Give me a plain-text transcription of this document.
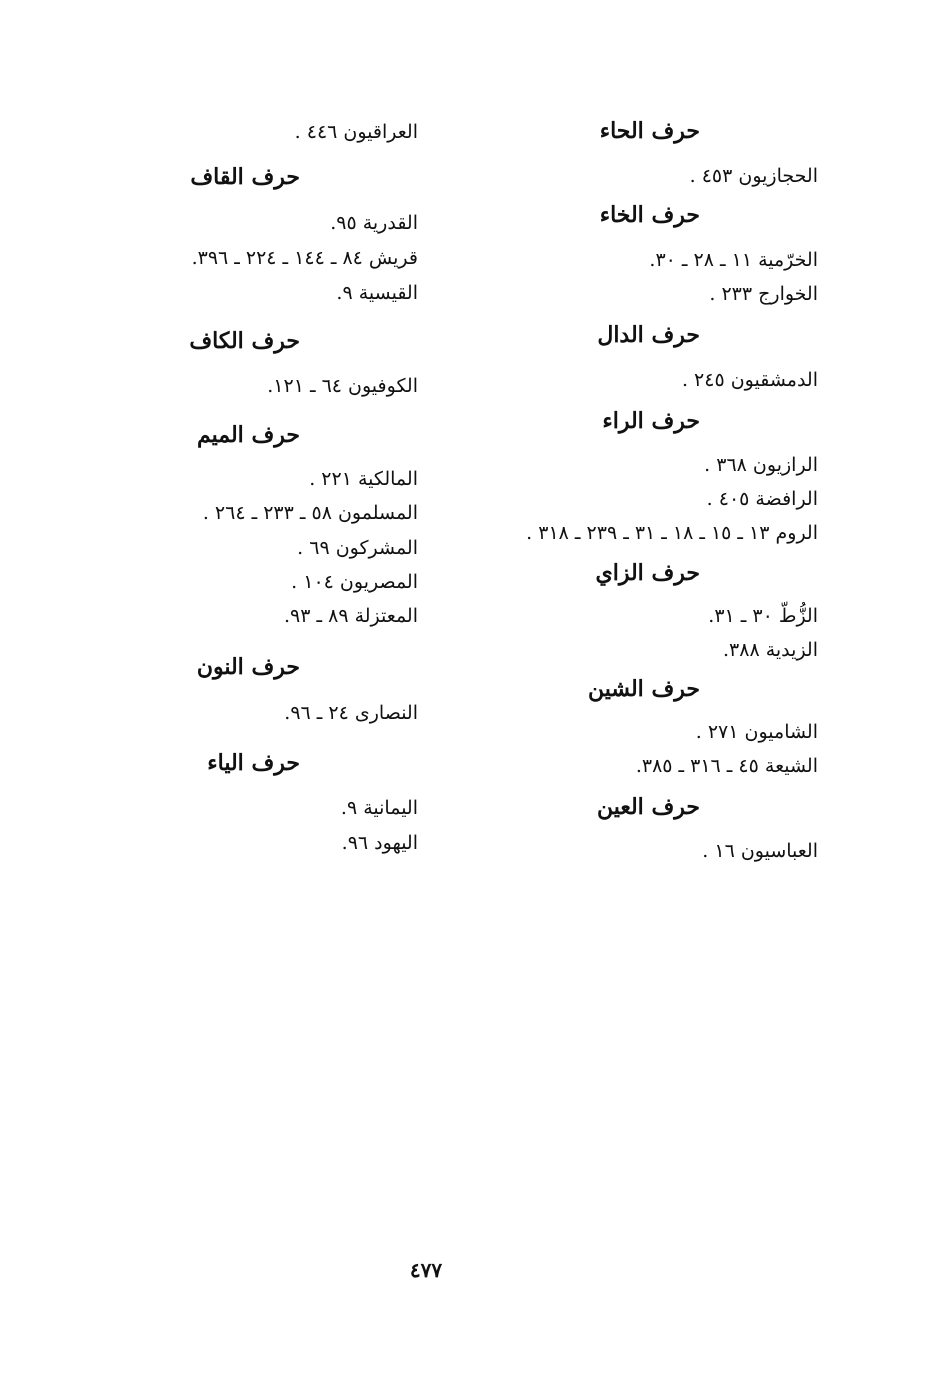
حرف الحاء
الحجازيون ٤٥٣ .
حرف الخاء
الخرّمية ١١ ـ ٢٨ ـ ٣٠.
الخوارج ٢٣٣ .
حرف الدال
الدمشقيون ٢٤٥ .
حرف الراء
الرازيون ٣٦٨ .
الرافضة ٤٠٥ .
الروم ١٣ ـ ١٥ ـ ١٨ ـ ٣١ ـ ٢٣٩ ـ ٣١٨ .
حرف الزاي
الزُّطّ ٣٠ ـ ٣١.
الزيدية ٣٨٨.
حرف الشين
الشاميون ٢٧١ .
الشيعة ٤٥ ـ ٣١٦ ـ ٣٨٥.
حرف العين
العباسيون ١٦ .
العراقيون ٤٤٦ .
حرف القاف
القدرية ٩٥.
قريش ٨٤ ـ ١٤٤ ـ ٢٢٤ ـ ٣٩٦.
القيسية ٩.
حرف الكاف
الكوفيون ٦٤ ـ ١٢١.
حرف الميم
المالكية ٢٢١ .
المسلمون ٥٨ ـ ٢٣٣ ـ ٢٦٤ .
المشركون ٦٩ .
المصريون ١٠٤ .
المعتزلة ٨٩ ـ ٩٣.
حرف النون
النصارى ٢٤ ـ ٩٦.
حرف الياء
اليمانية ٩.
اليهود ٩٦.
٤٧٧
